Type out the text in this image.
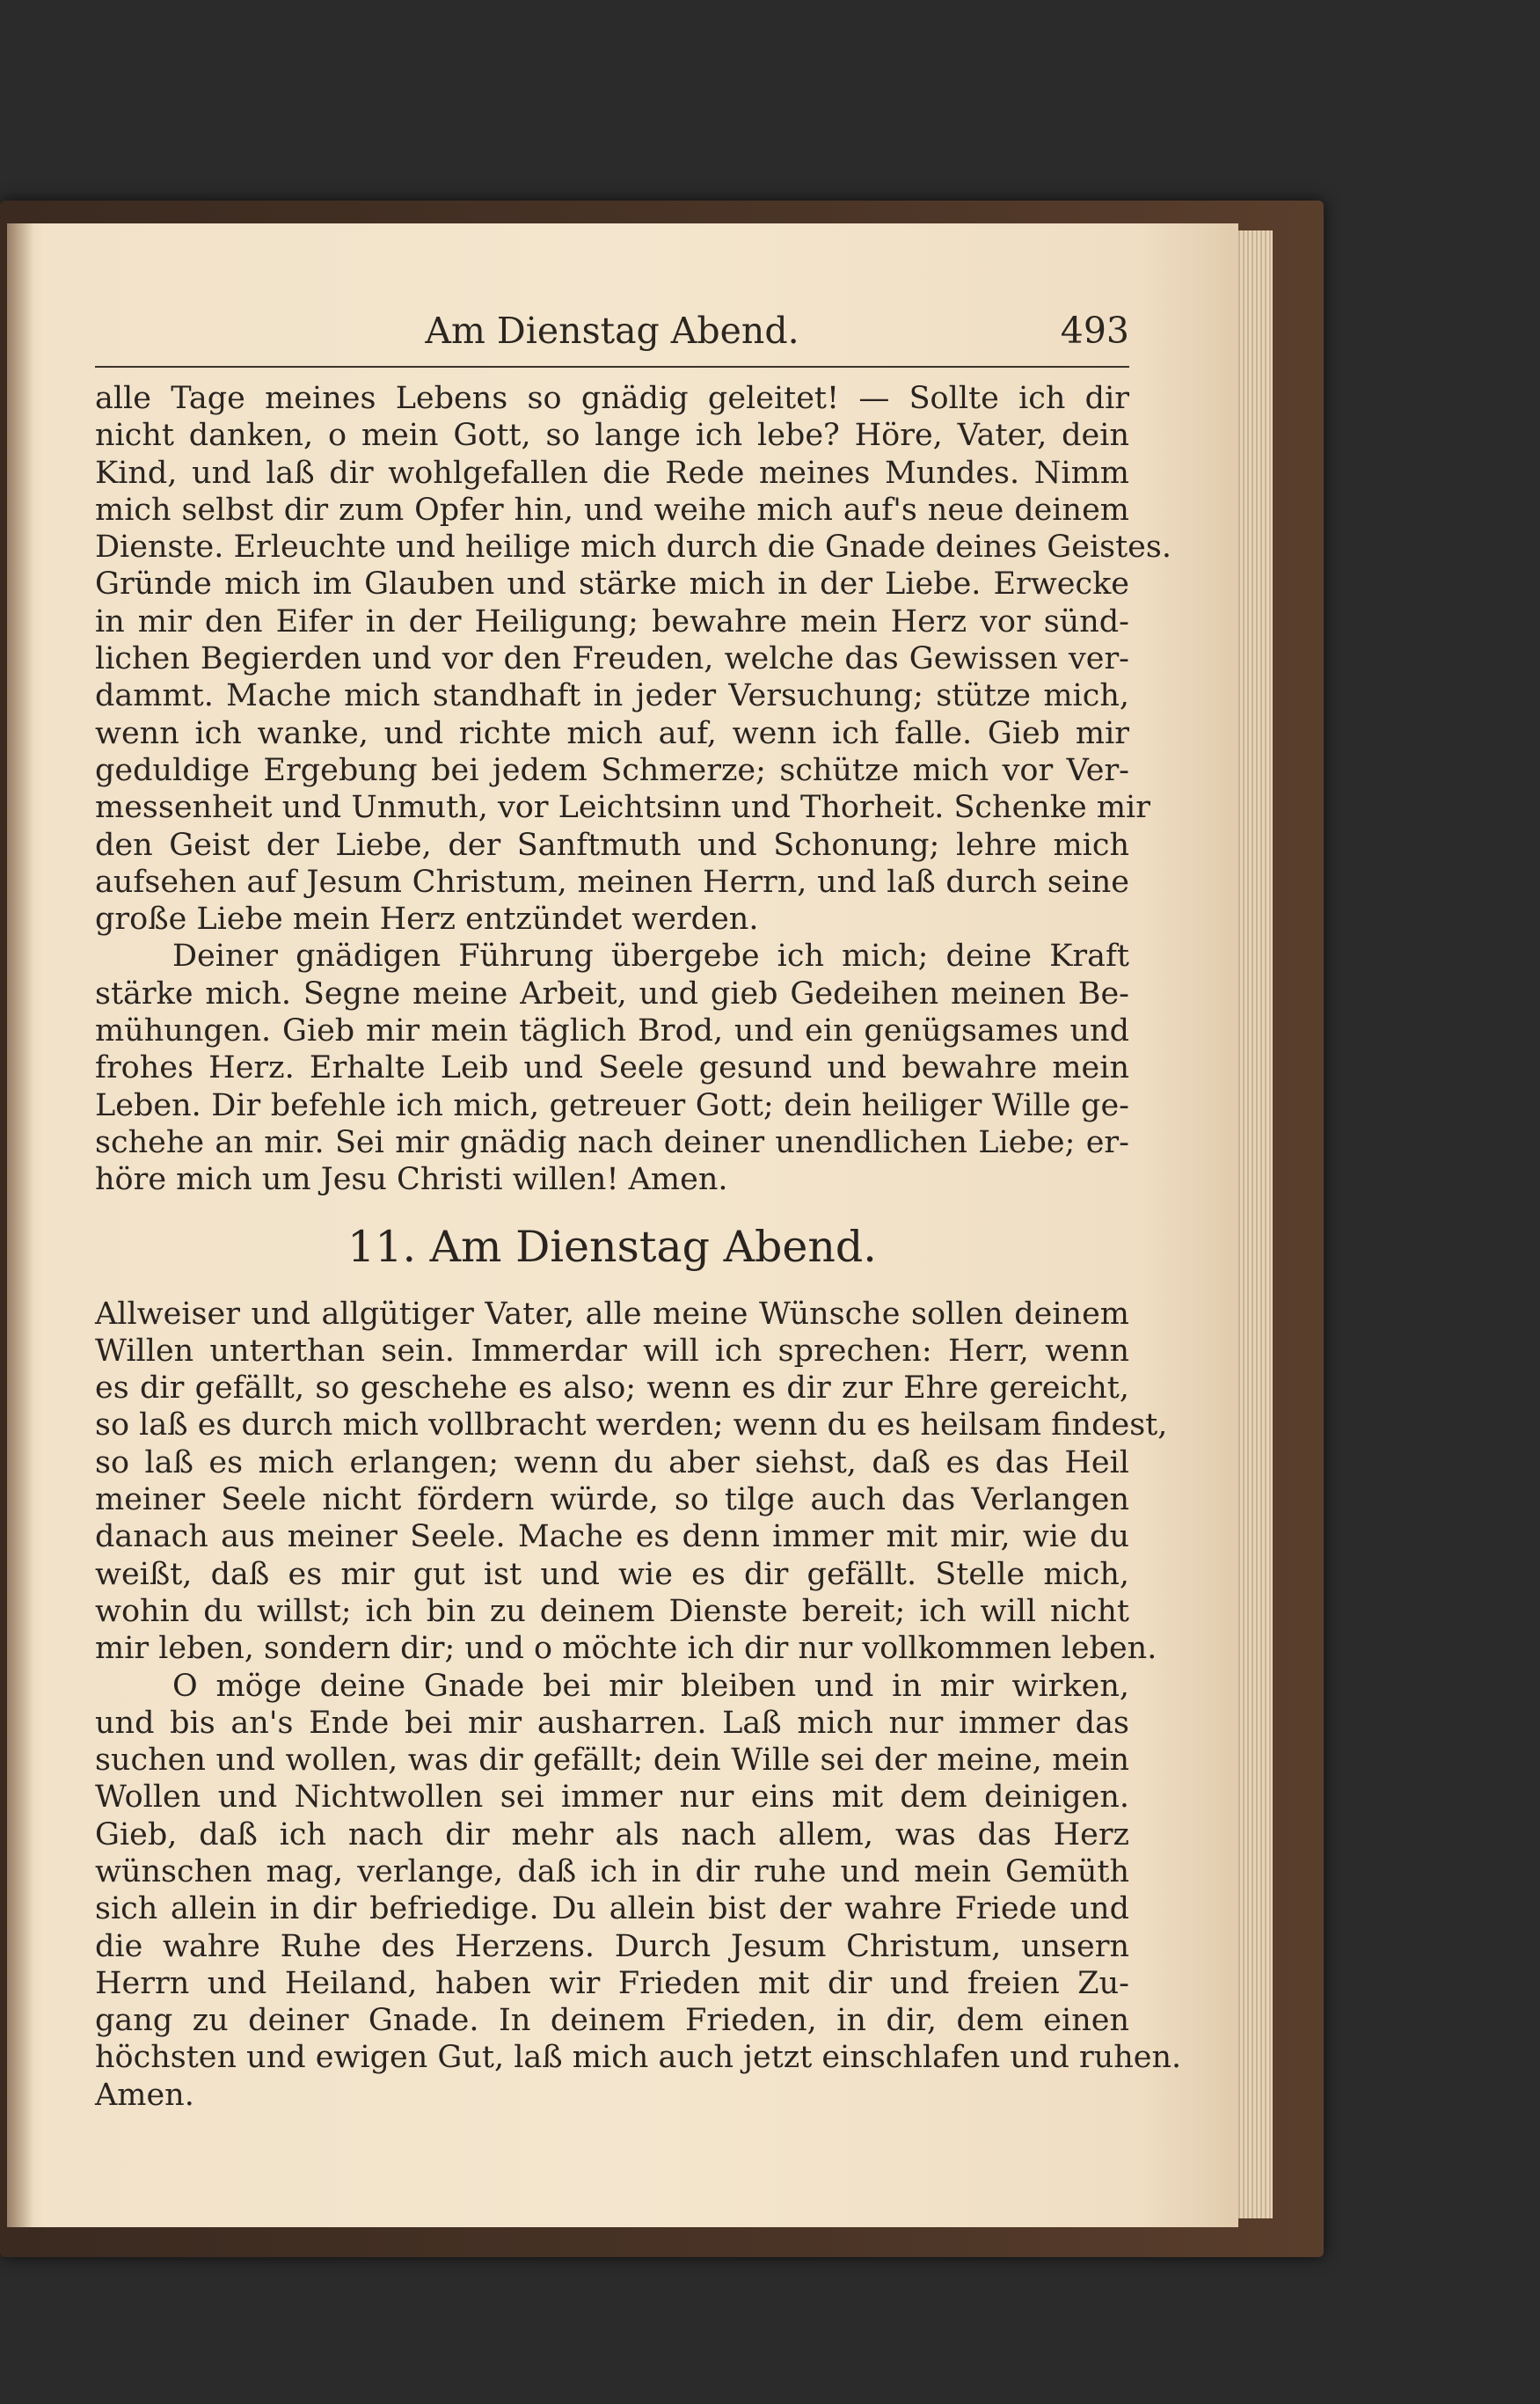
Am Dienstag Abend.	493

alle Tage meines Lebens so gnädig geleitet! — Sollte ich dir
nicht danken, o mein Gott, so lange ich lebe? Höre, Vater, dein
Kind, und laß dir wohlgefallen die Rede meines Mundes. Nimm
mich selbst dir zum Opfer hin, und weihe mich auf's neue deinem
Dienste. Erleuchte und heilige mich durch die Gnade deines Geistes.
Gründe mich im Glauben und stärke mich in der Liebe. Erwecke
in mir den Eifer in der Heiligung; bewahre mein Herz vor sünd-
lichen Begierden und vor den Freuden, welche das Gewissen ver-
dammt. Mache mich standhaft in jeder Versuchung; stütze mich,
wenn ich wanke, und richte mich auf, wenn ich falle. Gieb mir
geduldige Ergebung bei jedem Schmerze; schütze mich vor Ver-
messenheit und Unmuth, vor Leichtsinn und Thorheit. Schenke mir
den Geist der Liebe, der Sanftmuth und Schonung; lehre mich
aufsehen auf Jesum Christum, meinen Herrn, und laß durch seine
große Liebe mein Herz entzündet werden.

Deiner gnädigen Führung übergebe ich mich; deine Kraft
stärke mich. Segne meine Arbeit, und gieb Gedeihen meinen Be-
mühungen. Gieb mir mein täglich Brod, und ein genügsames und
frohes Herz. Erhalte Leib und Seele gesund und bewahre mein
Leben. Dir befehle ich mich, getreuer Gott; dein heiliger Wille ge-
schehe an mir. Sei mir gnädig nach deiner unendlichen Liebe; er-
höre mich um Jesu Christi willen! Amen.

11. Am Dienstag Abend.

Allweiser und allgütiger Vater, alle meine Wünsche sollen deinem
Willen unterthan sein. Immerdar will ich sprechen: Herr, wenn
es dir gefällt, so geschehe es also; wenn es dir zur Ehre gereicht,
so laß es durch mich vollbracht werden; wenn du es heilsam findest,
so laß es mich erlangen; wenn du aber siehst, daß es das Heil
meiner Seele nicht fördern würde, so tilge auch das Verlangen
danach aus meiner Seele. Mache es denn immer mit mir, wie du
weißt, daß es mir gut ist und wie es dir gefällt. Stelle mich,
wohin du willst; ich bin zu deinem Dienste bereit; ich will nicht
mir leben, sondern dir; und o möchte ich dir nur vollkommen leben.

O möge deine Gnade bei mir bleiben und in mir wirken,
und bis an's Ende bei mir ausharren. Laß mich nur immer das
suchen und wollen, was dir gefällt; dein Wille sei der meine, mein
Wollen und Nichtwollen sei immer nur eins mit dem deinigen.
Gieb, daß ich nach dir mehr als nach allem, was das Herz
wünschen mag, verlange, daß ich in dir ruhe und mein Gemüth
sich allein in dir befriedige. Du allein bist der wahre Friede und
die wahre Ruhe des Herzens. Durch Jesum Christum, unsern
Herrn und Heiland, haben wir Frieden mit dir und freien Zu-
gang zu deiner Gnade. In deinem Frieden, in dir, dem einen
höchsten und ewigen Gut, laß mich auch jetzt einschlafen und ruhen.
Amen.
